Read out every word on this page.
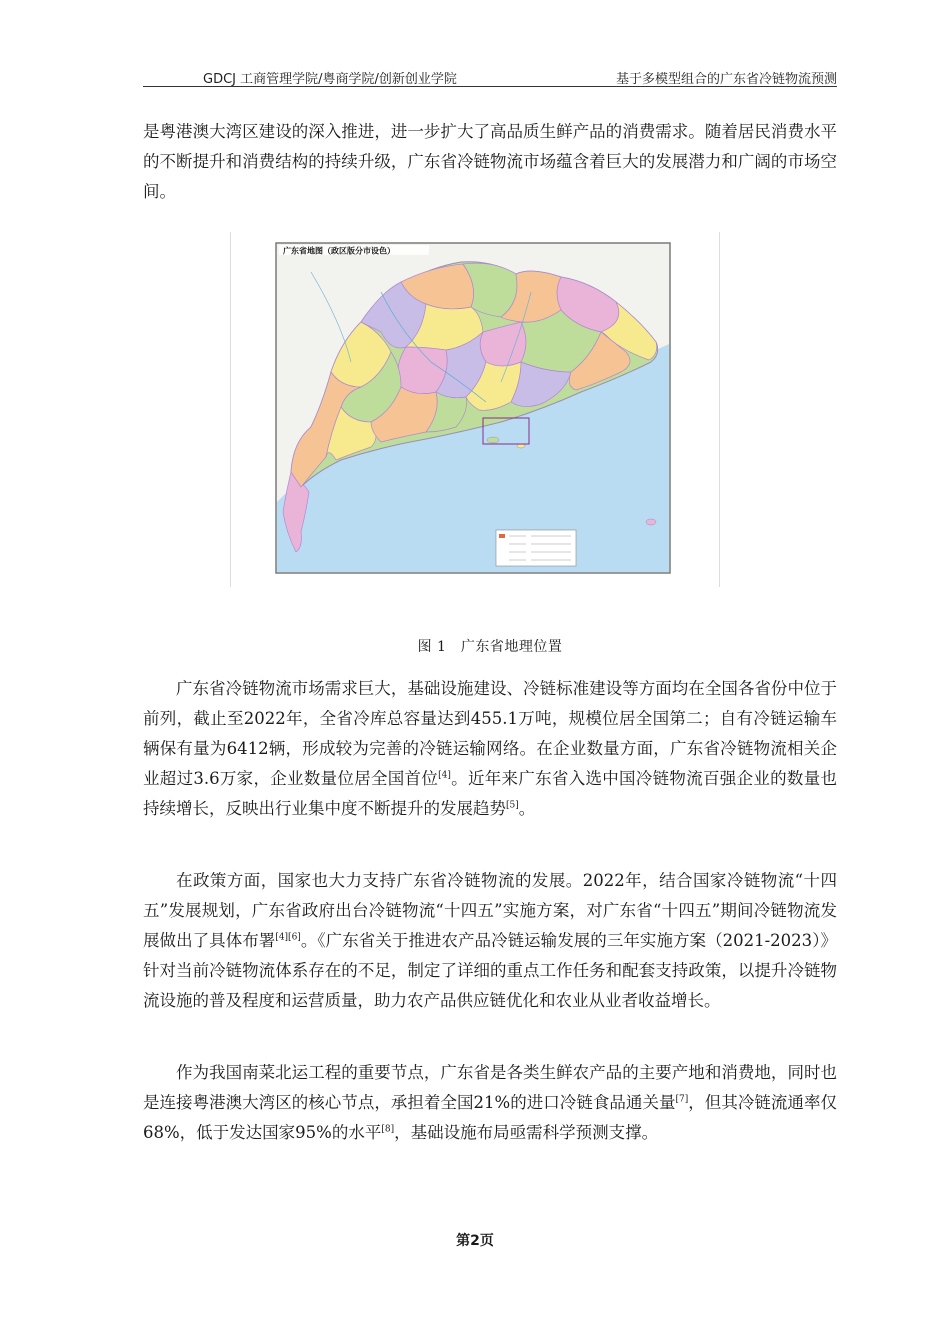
GDCJ 工商管理学院/粤商学院/创新创业学院	基于多模型组合的广东省冷链物流预测

是粤港澳大湾区建设的深入推进，进一步扩大了高品质生鲜产品的消费需求。随着居民消费水平的不断提升和消费结构的持续升级，广东省冷链物流市场蕴含着巨大的发展潜力和广阔的市场空间。

广东省地图（政区版分市设色）
图 1　广东省地理位置

广东省冷链物流市场需求巨大，基础设施建设、冷链标准建设等方面均在全国各省份中位于前列，截止至2022年，全省冷库总容量达到455.1万吨，规模位居全国第二；自有冷链运输车辆保有量为6412辆，形成较为完善的冷链运输网络。在企业数量方面，广东省冷链物流相关企业超过3.6万家，企业数量位居全国首位[4]。近年来广东省入选中国冷链物流百强企业的数量也持续增长，反映出行业集中度不断提升的发展趋势[5]。

在政策方面，国家也大力支持广东省冷链物流的发展。2022年，结合国家冷链物流“十四五”发展规划，广东省政府出台冷链物流“十四五”实施方案，对广东省“十四五”期间冷链物流发展做出了具体布署[4][6]。《广东省关于推进农产品冷链运输发展的三年实施方案（2021-2023）》针对当前冷链物流体系存在的不足，制定了详细的重点工作任务和配套支持政策，以提升冷链物流设施的普及程度和运营质量，助力农产品供应链优化和农业从业者收益增长。

作为我国南菜北运工程的重要节点，广东省是各类生鲜农产品的主要产地和消费地，同时也是连接粤港澳大湾区的核心节点，承担着全国21%的进口冷链食品通关量[7]，但其冷链流通率仅68%，低于发达国家95%的水平[8]，基础设施布局亟需科学预测支撑。

第2页
